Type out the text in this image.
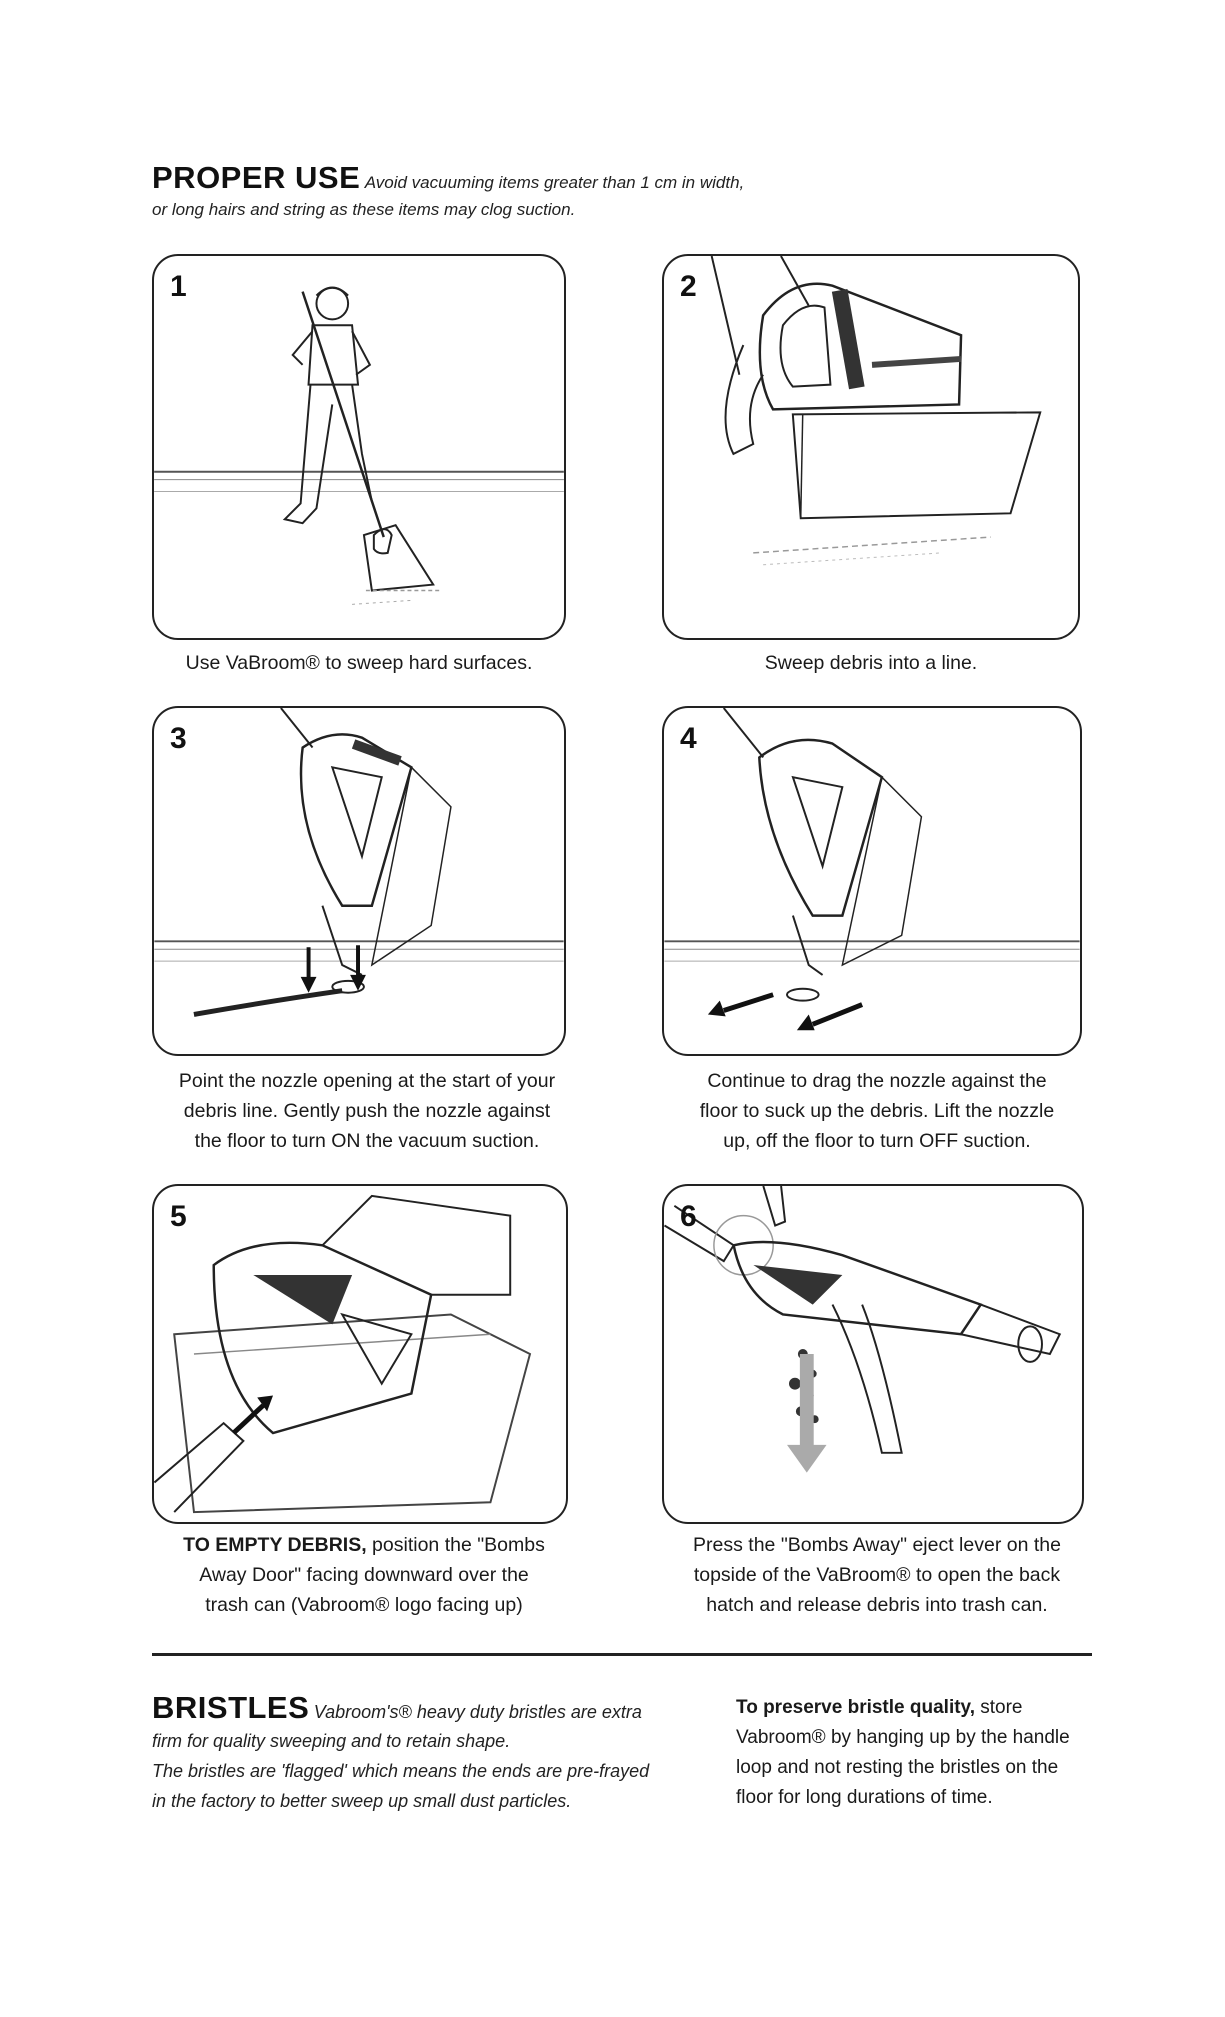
PROPER USE Avoid vacuuming items greater than 1 cm in width,
or long hairs and string as these items may clog suction.
1
Use VaBroom® to sweep hard surfaces.
2
Sweep debris into a line.
3
Point the nozzle opening at the start of your
debris line. Gently push the nozzle against
the floor to turn ON the vacuum suction.
4
Continue to drag the nozzle against the
floor to suck up the debris. Lift the nozzle
up, off the floor to turn OFF suction.
5
TO EMPTY DEBRIS, position the "Bombs
Away Door" facing downward over the
trash can (Vabroom® logo facing up)
6
Press the "Bombs Away" eject lever on the
topside of the VaBroom® to open the back
hatch and release debris into trash can.
BRISTLES Vabroom's® heavy duty bristles are extra
firm for quality sweeping and to retain shape.
The bristles are 'flagged' which means the ends are pre-frayed
in the factory to better sweep up small dust particles.
To preserve bristle quality, store
Vabroom® by hanging up by the handle
loop and not resting the bristles on the
floor for long durations of time.
